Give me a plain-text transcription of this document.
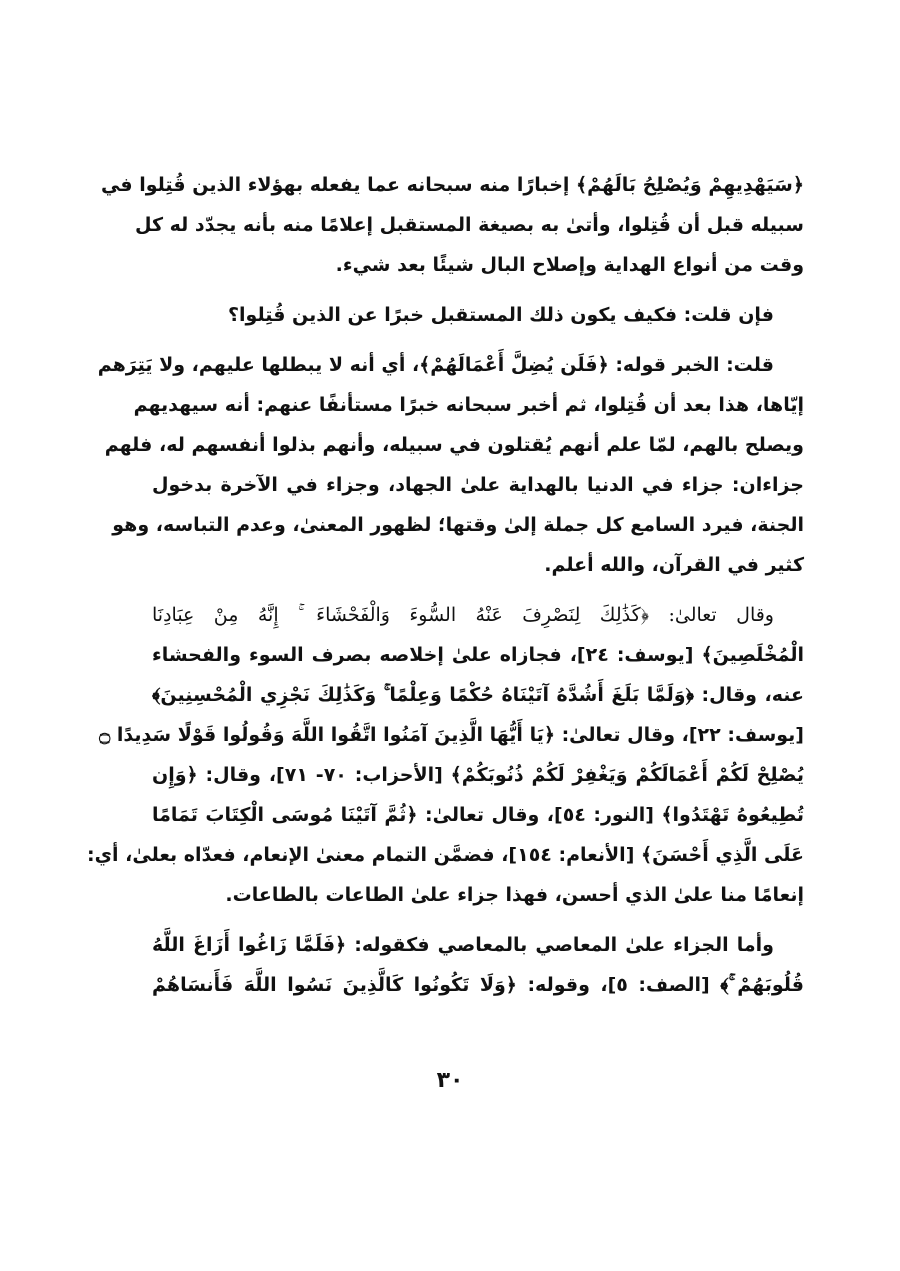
﴿سَيَهْدِيهِمْ وَيُصْلِحُ بَالَهُمْ﴾ إخبارًا منه سبحانه عما يفعله بهؤلاء الذين قُتِلوا في
سبيله قبل أن قُتِلوا، وأتىٰ به بصيغة المستقبل إعلامًا منه بأنه يجدّد له كل
وقت من أنواع الهداية وإصلاح البال شيئًا بعد شيء.
فإن قلت: فكيف يكون ذلك المستقبل خبرًا عن الذين قُتِلوا؟
قلت: الخبر قوله: ﴿فَلَن يُضِلَّ أَعْمَالَهُمْ﴾، أي أنه لا يبطلها عليهم، ولا يَتِرَهم
إيّاها، هذا بعد أن قُتِلوا، ثم أخبر سبحانه خبرًا مستأنفًا عنهم: أنه سيهديهم
ويصلح بالهم، لمّا علم أنهم يُقتلون في سبيله، وأنهم بذلوا أنفسهم له، فلهم
جزاءان: جزاء في الدنيا بالهداية علىٰ الجهاد، وجزاء في الآخرة بدخول
الجنة، فيرد السامع كل جملة إلىٰ وقتها؛ لظهور المعنىٰ، وعدم التباسه، وهو
كثير في القرآن، والله أعلم.
وقال تعالىٰ: ﴿كَذَٰلِكَ لِنَصْرِفَ عَنْهُ السُّوءَ وَالْفَحْشَاءَ ۚ إِنَّهُ مِنْ عِبَادِنَا
الْمُخْلَصِينَ﴾ [يوسف: ٢٤]، فجازاه علىٰ إخلاصه بصرف السوء والفحشاء
عنه، وقال: ﴿وَلَمَّا بَلَغَ أَشُدَّهُ آتَيْنَاهُ حُكْمًا وَعِلْمًا ۚ وَكَذَٰلِكَ نَجْزِي الْمُحْسِنِينَ﴾
[يوسف: ٢٢]، وقال تعالىٰ: ﴿يَا أَيُّهَا الَّذِينَ آمَنُوا اتَّقُوا اللَّهَ وَقُولُوا قَوْلًا سَدِيدًا ۝
يُصْلِحْ لَكُمْ أَعْمَالَكُمْ وَيَغْفِرْ لَكُمْ ذُنُوبَكُمْ﴾ [الأحزاب: ٧٠- ٧١]، وقال: ﴿وَإِن
تُطِيعُوهُ تَهْتَدُوا﴾ [النور: ٥٤]، وقال تعالىٰ: ﴿ثُمَّ آتَيْنَا مُوسَى الْكِتَابَ تَمَامًا
عَلَى الَّذِي أَحْسَنَ﴾ [الأنعام: ١٥٤]، فضمَّن التمام معنىٰ الإنعام، فعدّاه بعلىٰ، أي:
إنعامًا منا علىٰ الذي أحسن، فهذا جزاء علىٰ الطاعات بالطاعات.
وأما الجزاء علىٰ المعاصي بالمعاصي فكقوله: ﴿فَلَمَّا زَاغُوا أَزَاغَ اللَّهُ
قُلُوبَهُمْ ۚ﴾ [الصف: ٥]، وقوله: ﴿وَلَا تَكُونُوا كَالَّذِينَ نَسُوا اللَّهَ فَأَنسَاهُمْ
٣٠
